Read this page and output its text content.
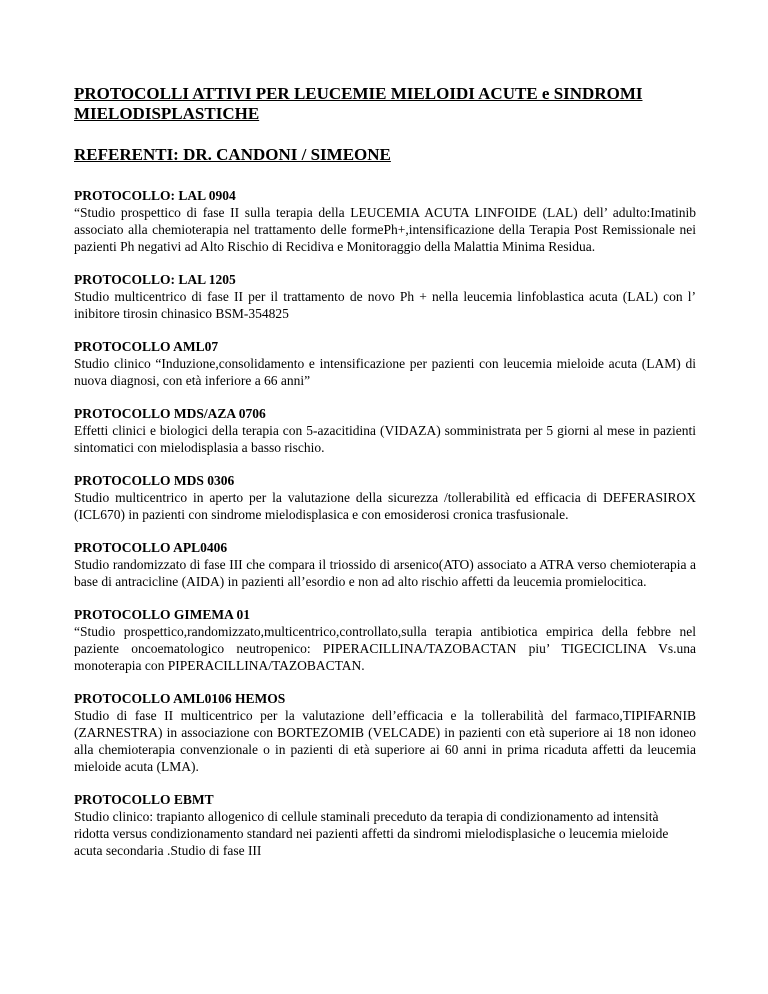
PROTOCOLLI ATTIVI PER LEUCEMIE MIELOIDI ACUTE e SINDROMI MIELODISPLASTICHE
REFERENTI: DR. CANDONI / SIMEONE
PROTOCOLLO: LAL 0904
“Studio prospettico di fase II sulla terapia della LEUCEMIA ACUTA LINFOIDE (LAL) dell’ adulto:Imatinib associato alla chemioterapia nel trattamento delle formePh+,intensificazione della Terapia Post Remissionale nei pazienti Ph negativi ad Alto Rischio di Recidiva e Monitoraggio della Malattia Minima Residua.
PROTOCOLLO: LAL 1205
Studio multicentrico di fase II per il trattamento de novo Ph + nella leucemia linfoblastica acuta (LAL) con l’ inibitore tirosin chinasico BSM-354825
PROTOCOLLO AML07
Studio clinico “Induzione,consolidamento e intensificazione per pazienti con leucemia mieloide acuta (LAM) di nuova diagnosi, con età inferiore a 66 anni”
PROTOCOLLO MDS/AZA 0706
Effetti clinici e biologici della terapia con 5-azacitidina (VIDAZA) somministrata per 5 giorni al mese in pazienti sintomatici con mielodisplasia a basso rischio.
PROTOCOLLO MDS 0306
Studio multicentrico in aperto per la valutazione della sicurezza /tollerabilità ed efficacia di DEFERASIROX (ICL670) in pazienti con sindrome mielodisplasica e con emosiderosi cronica trasfusionale.
PROTOCOLLO APL0406
Studio randomizzato di fase III che compara il triossido di arsenico(ATO) associato a ATRA verso chemioterapia a base di antracicline (AIDA) in pazienti all’esordio e non ad alto rischio affetti da leucemia promielocitica.
PROTOCOLLO GIMEMA 01
“Studio prospettico,randomizzato,multicentrico,controllato,sulla terapia antibiotica empirica della febbre nel paziente oncoematologico neutropenico: PIPERACILLINA/TAZOBACTAN piu’ TIGECICLINA Vs.una monoterapia con PIPERACILLINA/TAZOBACTAN.
PROTOCOLLO AML0106 HEMOS
Studio di fase II multicentrico per la valutazione dell’efficacia e la tollerabilità del farmaco,TIPIFARNIB (ZARNESTRA) in associazione con BORTEZOMIB (VELCADE) in pazienti con età superiore ai 18 non idoneo alla chemioterapia convenzionale o in pazienti di età superiore ai 60 anni in prima ricaduta affetti da leucemia mieloide acuta (LMA).
PROTOCOLLO EBMT
Studio clinico: trapianto allogenico di cellule staminali preceduto da terapia di condizionamento ad intensità ridotta versus condizionamento standard nei pazienti affetti da sindromi mielodisplasiche o leucemia mieloide acuta secondaria .Studio di fase III
